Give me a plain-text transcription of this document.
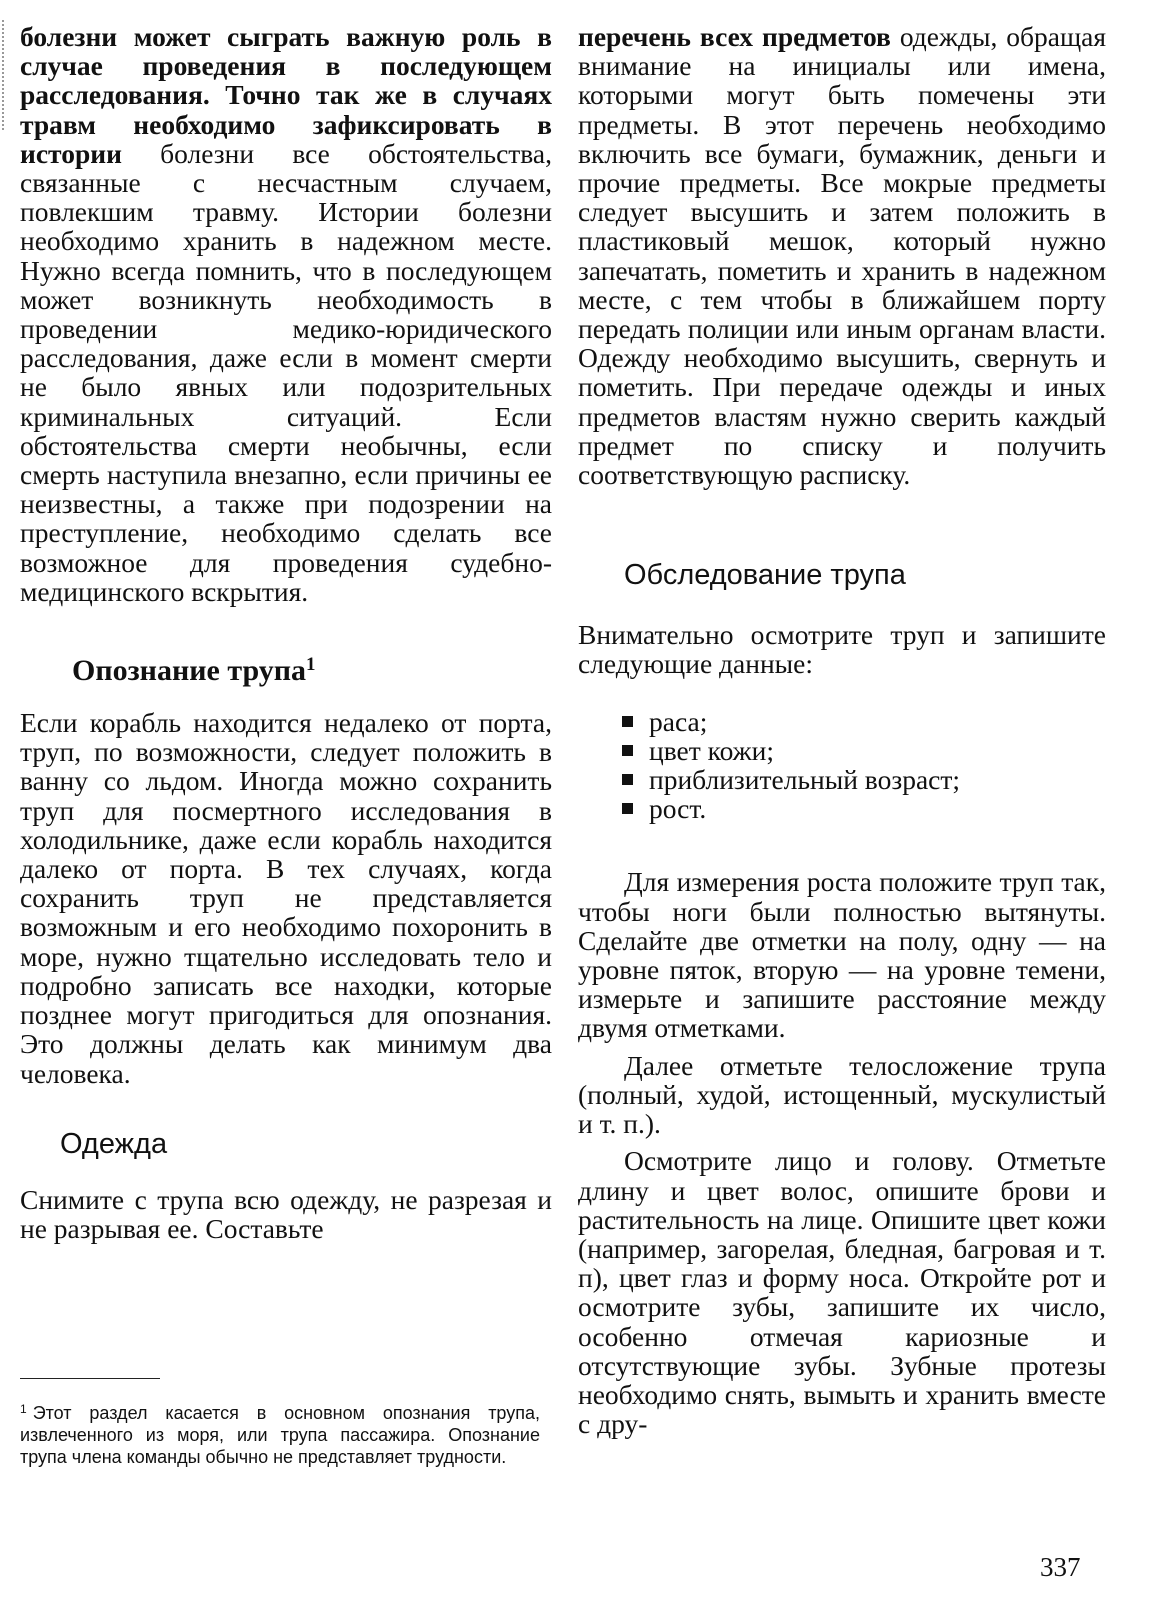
болезни может сыграть важную роль в случае проведения в последующем расследования. Точно так же в случаях травм необходимо зафиксировать в истории болезни все обстоятельства, связанные с несчастным случаем, повлекшим травму. Истории болезни необходимо хранить в надежном месте. Нужно всегда помнить, что в последующем может возникнуть необходимость в проведении медико-юридического расследования, даже если в момент смерти не было явных или подозрительных криминальных ситуаций. Если обстоятельства смерти необычны, если смерть наступила внезапно, если причины ее неизвестны, а также при подозрении на преступление, необходимо сделать все возможное для проведения судебно-медицинского вскрытия.

Опознание трупа$^1$

Если корабль находится недалеко от порта, труп, по возможности, следует положить в ванну со льдом. Иногда можно сохранить труп для посмертного исследования в холодильнике, даже если корабль находится далеко от порта. В тех случаях, когда сохранить труп не представляется возможным и его необходимо похоронить в море, нужно тщательно исследовать тело и подробно записать все находки, которые позднее могут пригодиться для опознания. Это должны делать как минимум два человека.

Одежда

Снимите с трупа всю одежду, не разрезая и не разрывая ее. Составьте

перечень всех предметов одежды, обращая внимание на инициалы или имена, которыми могут быть помечены эти предметы. В этот перечень необходимо включить все бумаги, бумажник, деньги и прочие предметы. Все мокрые предметы следует высушить и затем положить в пластиковый мешок, который нужно запечатать, пометить и хранить в надежном месте, с тем чтобы в ближайшем порту передать полиции или иным органам власти. Одежду необходимо высушить, свернуть и пометить. При передаче одежды и иных предметов властям нужно сверить каждый предмет по списку и получить соответствующую расписку.

Обследование трупа

Внимательно осмотрите труп и запишите следующие данные:

раса;
цвет кожи;
приблизительный возраст;
рост.

Для измерения роста положите труп так, чтобы ноги были полностью вытянуты. Сделайте две отметки на полу, одну — на уровне пяток, вторую — на уровне темени, измерьте и запишите расстояние между двумя отметками.

Далее отметьте телосложение трупа (полный, худой, истощенный, мускулистый и т. п.).

Осмотрите лицо и голову. Отметьте длину и цвет волос, опишите брови и растительность на лице. Опишите цвет кожи (например, загорелая, бледная, багровая и т. п), цвет глаз и форму носа. Откройте рот и осмотрите зубы, запишите их число, особенно отмечая кариозные и отсутствующие зубы. Зубные протезы необходимо снять, вымыть и хранить вместе с дру-

$^1$ Этот раздел касается в основном опознания трупа, извлеченного из моря, или трупа пассажира. Опознание трупа члена команды обычно не представляет трудности.
337
